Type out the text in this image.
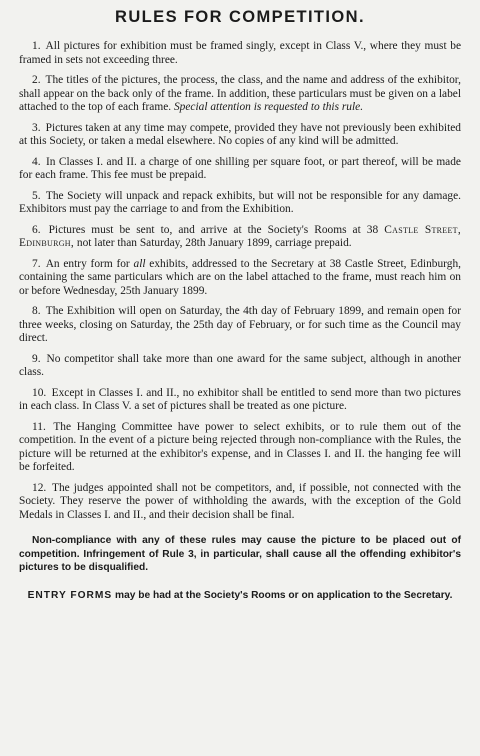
RULES FOR COMPETITION.

1. All pictures for exhibition must be framed singly, except in Class V., where they must be framed in sets not exceeding three.

2. The titles of the pictures, the process, the class, and the name and address of the exhibitor, shall appear on the back only of the frame. In addition, these particulars must be given on a label attached to the top of each frame. Special attention is requested to this rule.

3. Pictures taken at any time may compete, provided they have not previously been exhibited at this Society, or taken a medal elsewhere. No copies of any kind will be admitted.

4. In Classes I. and II. a charge of one shilling per square foot, or part thereof, will be made for each frame. This fee must be prepaid.

5. The Society will unpack and repack exhibits, but will not be responsible for any damage. Exhibitors must pay the carriage to and from the Exhibition.

6. Pictures must be sent to, and arrive at the Society's Rooms at 38 Castle Street, Edinburgh, not later than Saturday, 28th January 1899, carriage prepaid.

7. An entry form for all exhibits, addressed to the Secretary at 38 Castle Street, Edinburgh, containing the same particulars which are on the label attached to the frame, must reach him on or before Wednesday, 25th January 1899.

8. The Exhibition will open on Saturday, the 4th day of February 1899, and remain open for three weeks, closing on Saturday, the 25th day of February, or for such time as the Council may direct.

9. No competitor shall take more than one award for the same subject, although in another class.

10. Except in Classes I. and II., no exhibitor shall be entitled to send more than two pictures in each class. In Class V. a set of pictures shall be treated as one picture.

11. The Hanging Committee have power to select exhibits, or to rule them out of the competition. In the event of a picture being rejected through non-compliance with the Rules, the picture will be returned at the exhibitor's expense, and in Classes I. and II. the hanging fee will be forfeited.

12. The judges appointed shall not be competitors, and, if possible, not connected with the Society. They reserve the power of withholding the awards, with the exception of the Gold Medals in Classes I. and II., and their decision shall be final.

Non-compliance with any of these rules may cause the picture to be placed out of competition. Infringement of Rule 3, in particular, shall cause all the offending exhibitor's pictures to be disqualified.

ENTRY FORMS may be had at the Society's Rooms or on application to the Secretary.
